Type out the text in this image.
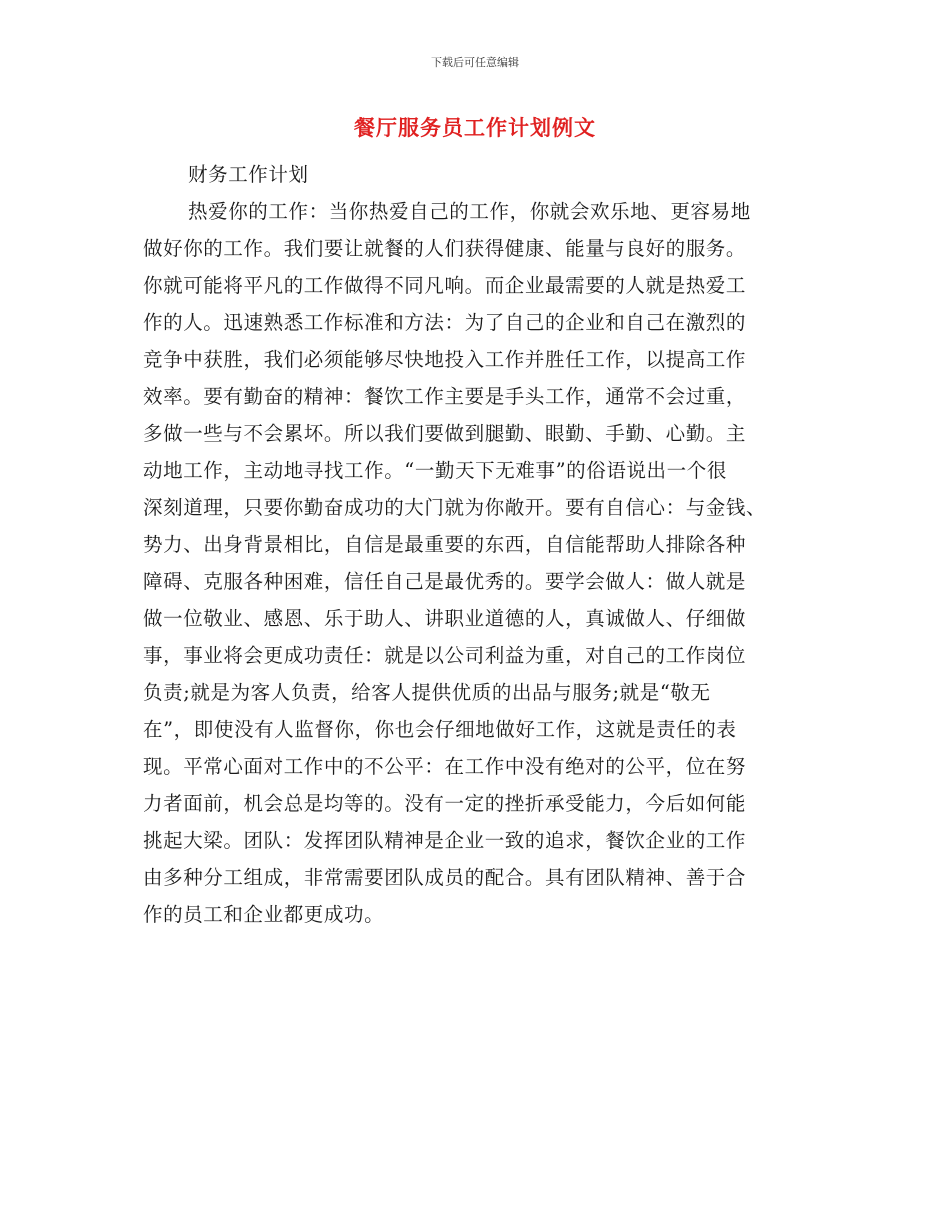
下载后可任意编辑
餐厅服务员工作计划例文
财务工作计划
热爱你的工作：当你热爱自己的工作，你就会欢乐地、更容易地
做好你的工作。我们要让就餐的人们获得健康、能量与良好的服务。
你就可能将平凡的工作做得不同凡响。而企业最需要的人就是热爱工
作的人。迅速熟悉工作标准和方法：为了自己的企业和自己在激烈的
竞争中获胜，我们必须能够尽快地投入工作并胜任工作，以提高工作
效率。要有勤奋的精神：餐饮工作主要是手头工作，通常不会过重，
多做一些与不会累坏。所以我们要做到腿勤、眼勤、手勤、心勤。主
动地工作，主动地寻找工作。“一勤天下无难事”的俗语说出一个很
深刻道理，只要你勤奋成功的大门就为你敞开。要有自信心：与金钱、
势力、出身背景相比，自信是最重要的东西，自信能帮助人排除各种
障碍、克服各种困难，信任自己是最优秀的。要学会做人：做人就是
做一位敬业、感恩、乐于助人、讲职业道德的人，真诚做人、仔细做
事，事业将会更成功责任：就是以公司利益为重，对自己的工作岗位
负责;就是为客人负责，给客人提供优质的出品与服务;就是“敬无
在”，即使没有人监督你，你也会仔细地做好工作，这就是责任的表
现。平常心面对工作中的不公平：在工作中没有绝对的公平，位在努
力者面前，机会总是均等的。没有一定的挫折承受能力，今后如何能
挑起大梁。团队：发挥团队精神是企业一致的追求，餐饮企业的工作
由多种分工组成，非常需要团队成员的配合。具有团队精神、善于合
作的员工和企业都更成功。
